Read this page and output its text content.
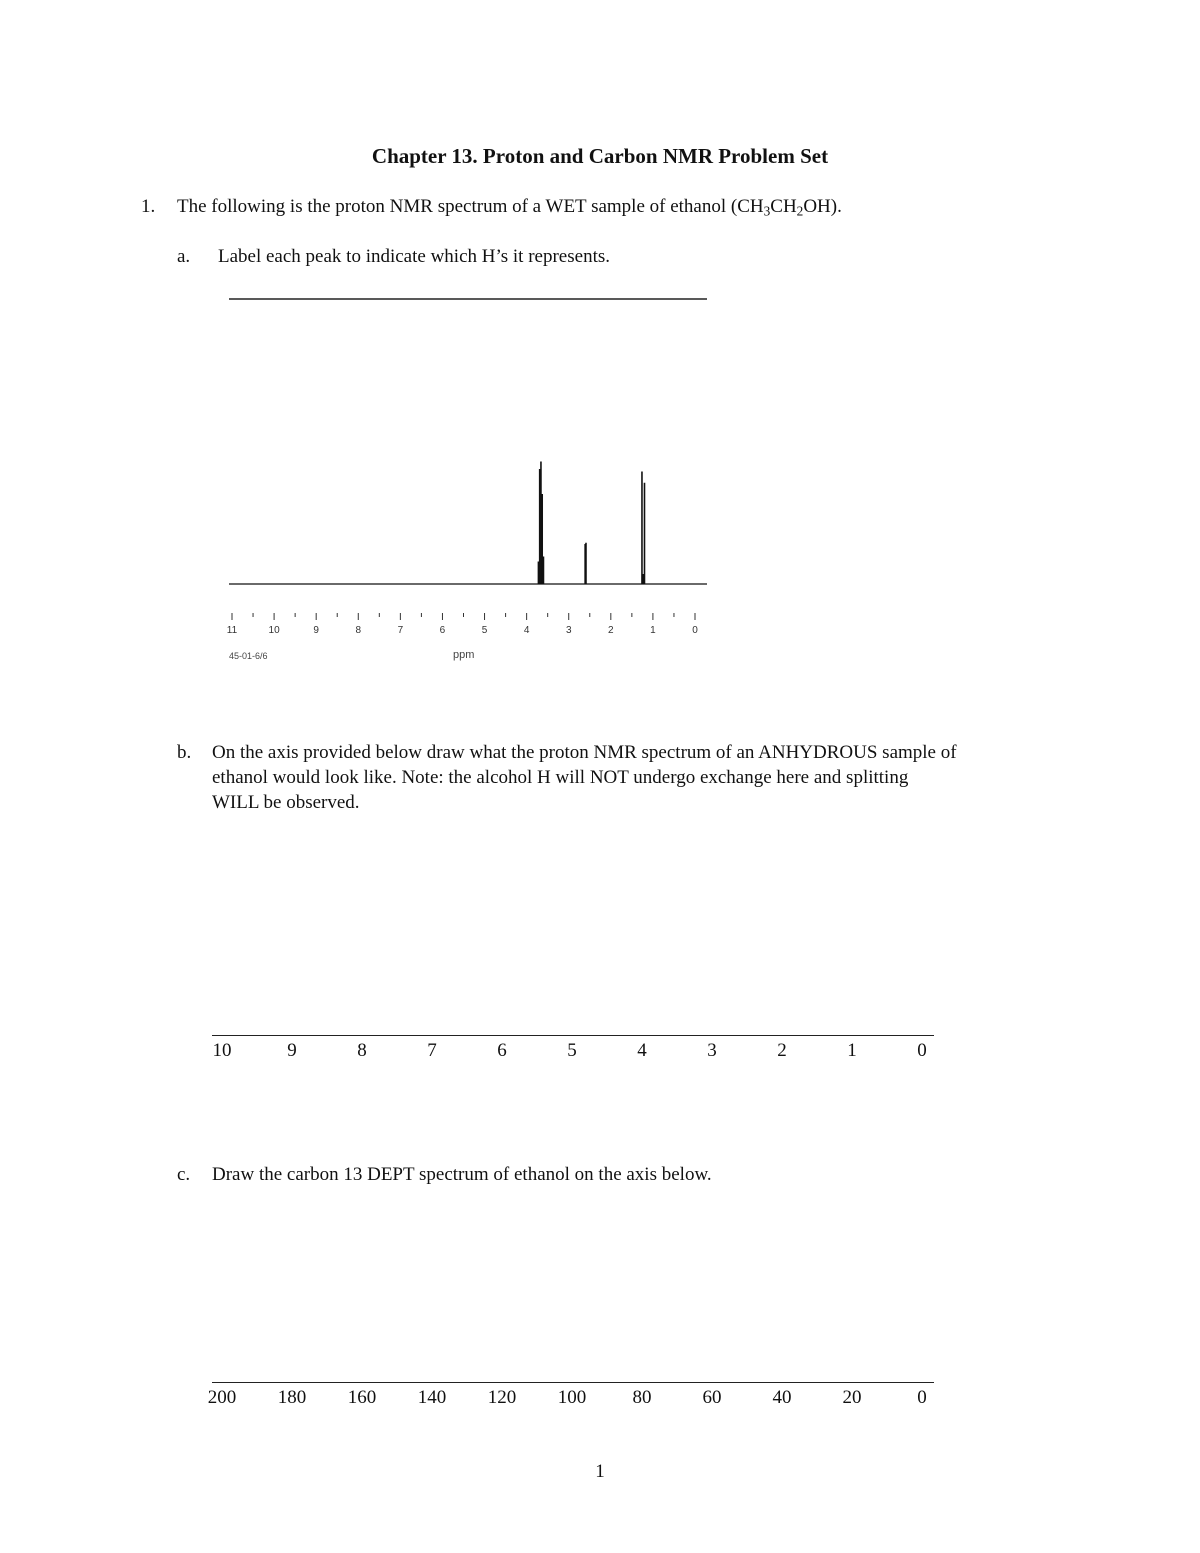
Chapter 13. Proton and Carbon NMR Problem Set
1. The following is the proton NMR spectrum of a WET sample of ethanol $(CH_3CH_2OH)$.
a. Label each peak to indicate which H’s it represents.
11	10	9	8	7	6	5	4	3	2	1	0
45-01-6/6	ppm
b. On the axis provided below draw what the proton NMR spectrum of an ANHYDROUS sample of
ethanol would look like. Note: the alcohol H will NOT undergo exchange here and splitting
WILL be observed.
10	9	8	7	6	5	4	3	2	1	0
c. Draw the carbon 13 DEPT spectrum of ethanol on the axis below.
200 180 160 140 120 100 80	60	40	20	0
1
